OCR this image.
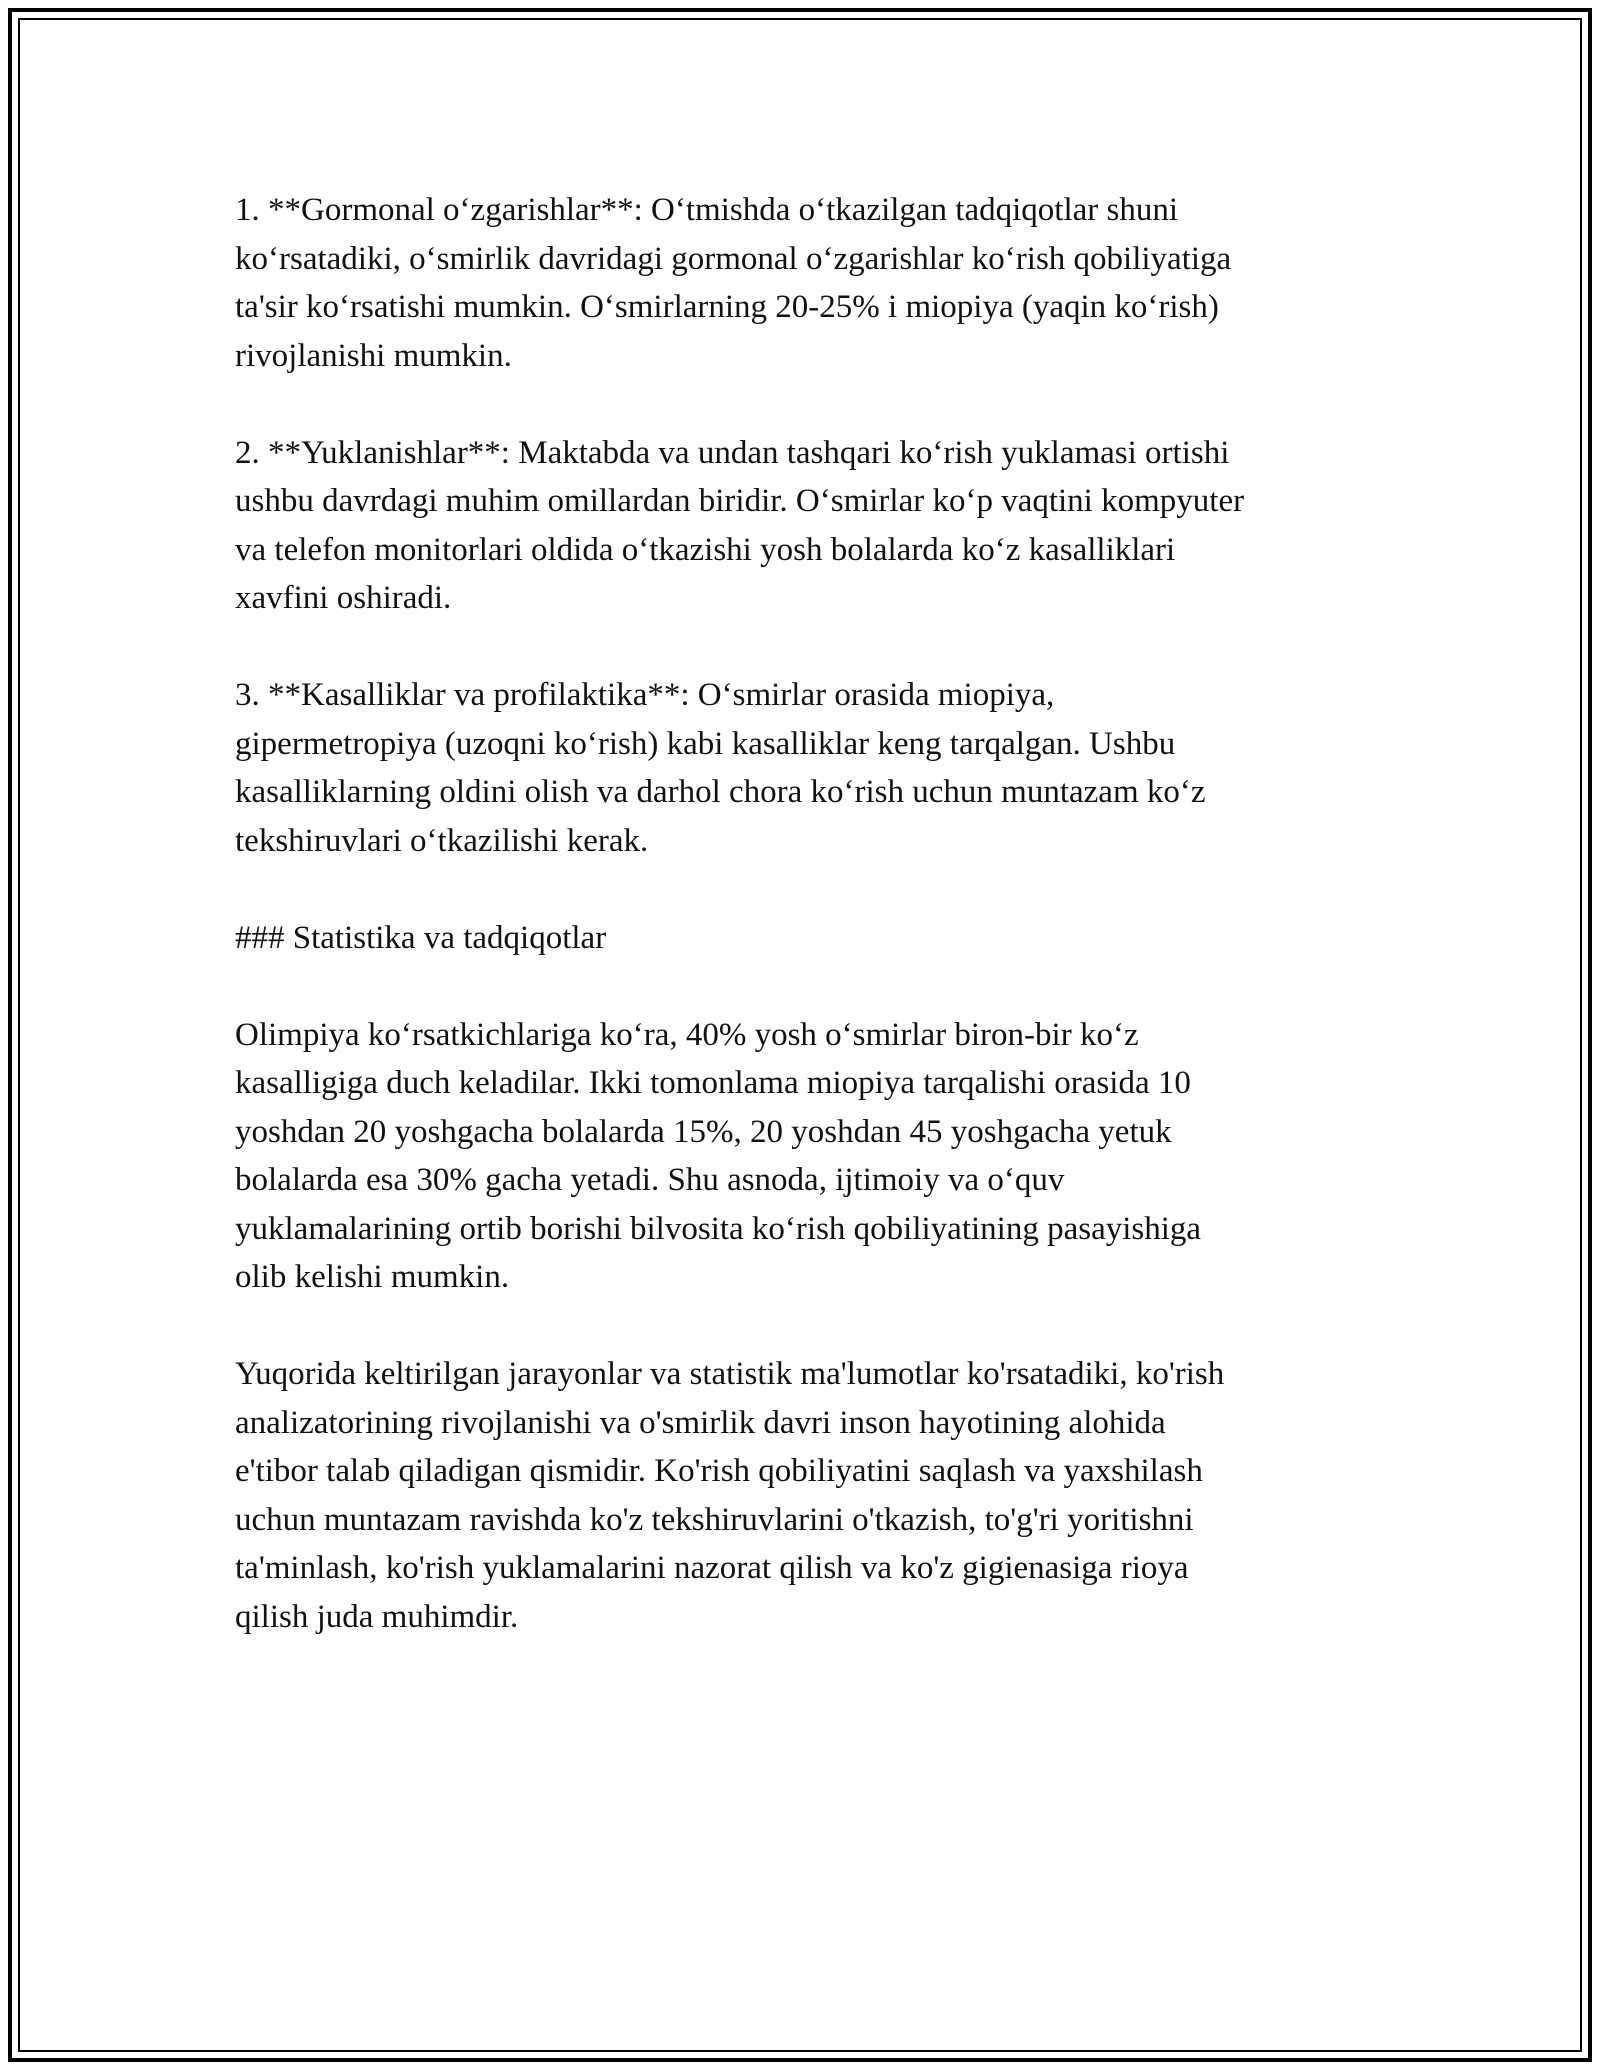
1. **Gormonal o‘zgarishlar**: O‘tmishda o‘tkazilgan tadqiqotlar shuni
ko‘rsatadiki, o‘smirlik davridagi gormonal o‘zgarishlar ko‘rish qobiliyatiga
ta'sir ko‘rsatishi mumkin. O‘smirlarning 20-25% i miopiya (yaqin ko‘rish)
rivojlanishi mumkin.

2. **Yuklanishlar**: Maktabda va undan tashqari ko‘rish yuklamasi ortishi
ushbu davrdagi muhim omillardan biridir. O‘smirlar ko‘p vaqtini kompyuter
va telefon monitorlari oldida o‘tkazishi yosh bolalarda ko‘z kasalliklari
xavfini oshiradi.

3. **Kasalliklar va profilaktika**: O‘smirlar orasida miopiya,
gipermetropiya (uzoqni ko‘rish) kabi kasalliklar keng tarqalgan. Ushbu
kasalliklarning oldini olish va darhol chora ko‘rish uchun muntazam ko‘z
tekshiruvlari o‘tkazilishi kerak.

### Statistika va tadqiqotlar

Olimpiya ko‘rsatkichlariga ko‘ra, 40% yosh o‘smirlar biron-bir ko‘z
kasalligiga duch keladilar. Ikki tomonlama miopiya tarqalishi orasida 10
yoshdan 20 yoshgacha bolalarda 15%, 20 yoshdan 45 yoshgacha yetuk
bolalarda esa 30% gacha yetadi. Shu asnoda, ijtimoiy va o‘quv
yuklamalarining ortib borishi bilvosita ko‘rish qobiliyatining pasayishiga
olib kelishi mumkin.

Yuqorida keltirilgan jarayonlar va statistik ma'lumotlar ko'rsatadiki, ko'rish
analizatorining rivojlanishi va o'smirlik davri inson hayotining alohida
e'tibor talab qiladigan qismidir. Ko'rish qobiliyatini saqlash va yaxshilash
uchun muntazam ravishda ko'z tekshiruvlarini o'tkazish, to'g'ri yoritishni
ta'minlash, ko'rish yuklamalarini nazorat qilish va ko'z gigienasiga rioya
qilish juda muhimdir.
